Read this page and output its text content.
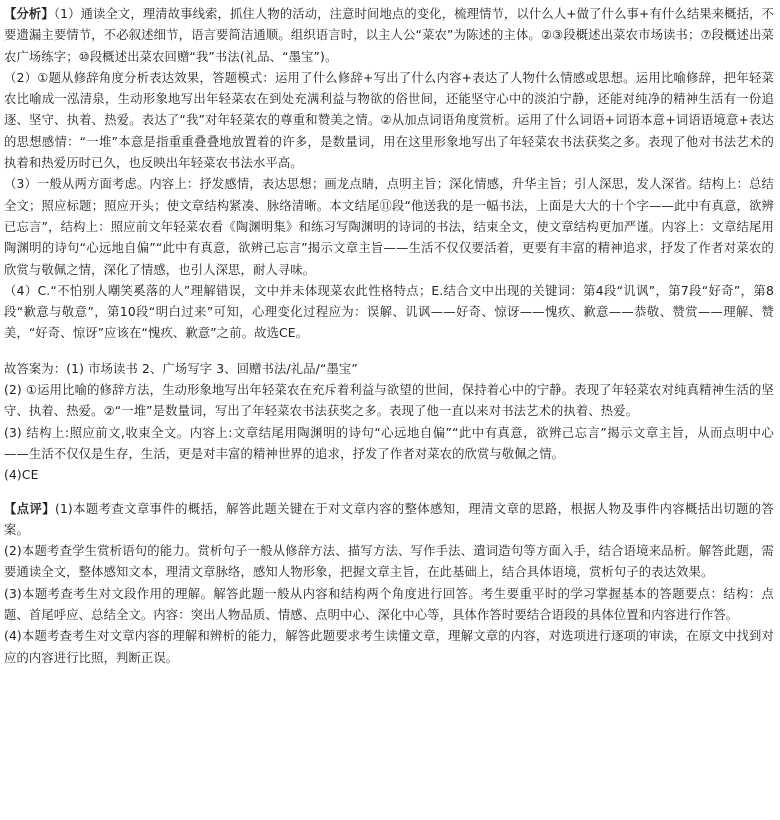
【分析】（1）通读全文，理清故事线索，抓住人物的活动，注意时间地点的变化，梳理情节，以什么人+做了什么事+有什么结果来概括，不要遗漏主要情节，不必叙述细节，语言要简洁通顺。组织语言时，以主人公“菜农”为陈述的主体。②③段概述出菜农市场读书；⑦段概述出菜农广场练字；⑩段概述出菜农回赠“我”书法(礼品、“墨宝”)。

（2）①题从修辞角度分析表达效果，答题模式：运用了什么修辞+写出了什么内容+表达了人物什么情感或思想。运用比喻修辞，把年轻菜农比喻成一泓清泉，生动形象地写出年轻菜农在到处充满利益与物欲的俗世间，还能坚守心中的淡泊宁静，还能对纯净的精神生活有一份追逐、坚守、执着、热爱。表达了“我”对年轻菜农的尊重和赞美之情。②从加点词语角度赏析。运用了什么词语+词语本意+词语语境意+表达的思想感情：“一堆”本意是指重重叠叠地放置着的许多，是数量词，用在这里形象地写出了年轻菜农书法获奖之多。表现了他对书法艺术的执着和热爱历时已久，也反映出年轻菜农书法水平高。

（3）一般从两方面考虑。内容上：抒发感情，表达思想；画龙点睛，点明主旨；深化情感，升华主旨；引人深思，发人深省。结构上：总结全文；照应标题；照应开头；使文章结构紧凑、脉络清晰。本文结尾⑪段“他送我的是一幅书法，上面是大大的十个字——此中有真意，欲辨已忘言”，结构上：照应前文年轻菜农看《陶渊明集》和练习写陶渊明的诗词的书法，结束全文，使文章结构更加严谨。内容上：文章结尾用陶渊明的诗句“心远地自偏”“此中有真意，欲辨己忘言”揭示文章主旨——生活不仅仅要活着，更要有丰富的精神追求，抒发了作者对菜农的欣赏与敬佩之情，深化了情感，也引人深思，耐人寻味。

（4）C.“不怕别人嘲笑奚落的人”理解错误，文中并未体现菜农此性格特点；E.结合文中出现的关键词：第4段“讥讽”，第7段“好奇”，第8段“歉意与敬意”，第10段“明白过来”可知，心理变化过程应为：误解、讥讽——好奇、惊讶——愧疚、歉意——恭敬、赞赏——理解、赞美，“好奇、惊讶”应该在“愧疚、歉意”之前。故选CE。

故答案为：(1) 市场读书 2、广场写字 3、回赠书法/礼品/“墨宝”

(2) ①运用比喻的修辞方法，生动形象地写出年轻菜农在充斥着利益与欲望的世间，保持着心中的宁静。表现了年轻菜农对纯真精神生活的坚守、执着、热爱。②“一堆”是数量词，写出了年轻菜农书法获奖之多。表现了他一直以来对书法艺术的执着、热爱。

(3) 结构上:照应前文,收束全文。内容上:文章结尾用陶渊明的诗句“心远地自偏”“此中有真意，欲辨己忘言”揭示文章主旨，从而点明中心——生活不仅仅是生存，生活，更是对丰富的精神世界的追求，抒发了作者对菜农的欣赏与敬佩之情。

(4)CE

【点评】(1)本题考查文章事件的概括，解答此题关键在于对文章内容的整体感知，理清文章的思路，根据人物及事件内容概括出切题的答案。

(2)本题考查学生赏析语句的能力。赏析句子一般从修辞方法、描写方法、写作手法、遣词造句等方面入手，结合语境来品析。解答此题，需要通读全文，整体感知文本，理清文章脉络，感知人物形象，把握文章主旨，在此基础上，结合具体语境，赏析句子的表达效果。

(3)本题考查考生对文段作用的理解。解答此题一般从内容和结构两个角度进行回答。考生要重平时的学习掌握基本的答题要点：结构：点题、首尾呼应、总结全文。内容：突出人物品质、情感、点明中心、深化中心等，具体作答时要结合语段的具体位置和内容进行作答。

(4)本题考查考生对文章内容的理解和辨析的能力，解答此题要求考生读懂文章，理解文章的内容，对选项进行逐项的审读，在原文中找到对应的内容进行比照，判断正误。
